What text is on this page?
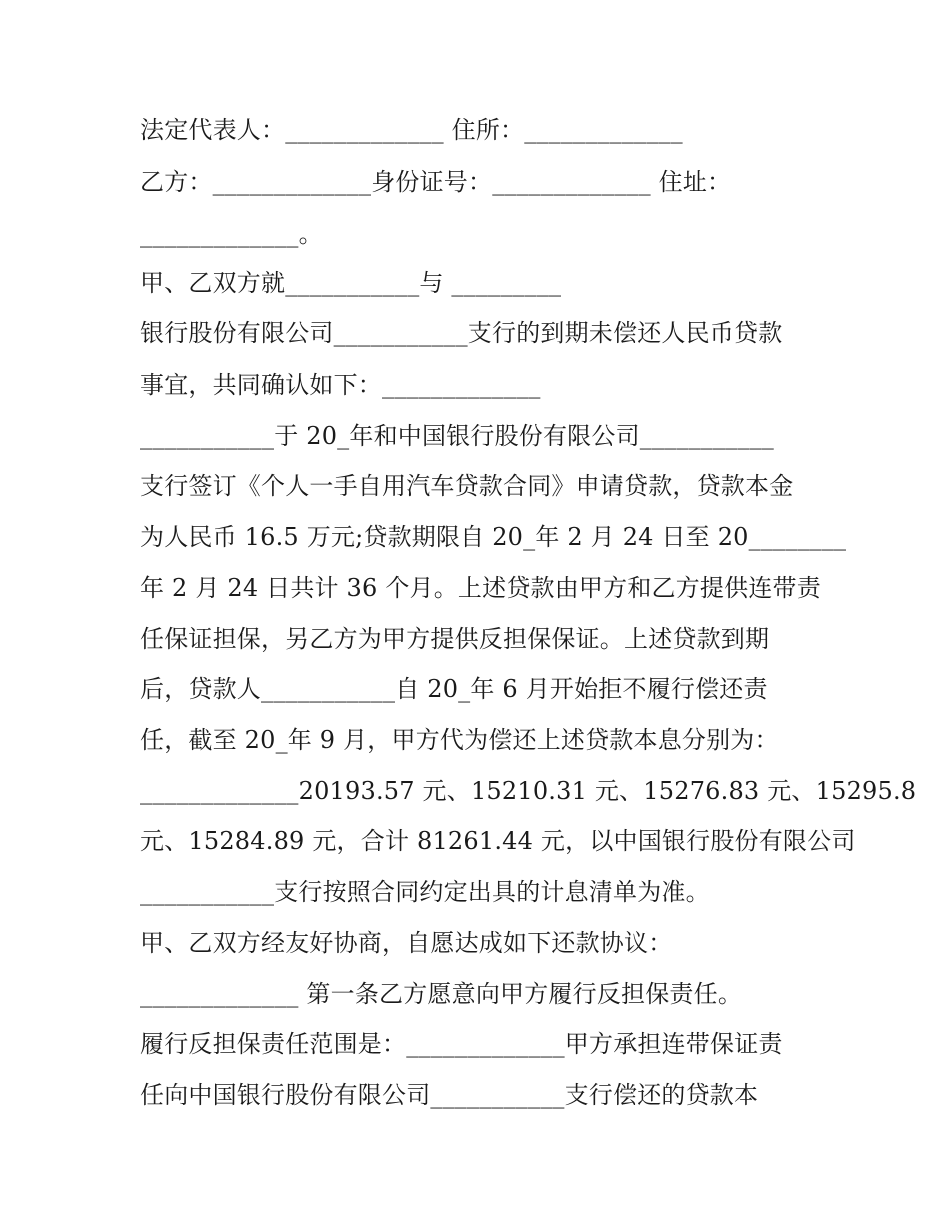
法定代表人：_____________ 住所：_____________
乙方：_____________身份证号：_____________ 住址：
_____________。
甲、乙双方就___________与 _________
银行股份有限公司___________支行的到期未偿还人民币贷款
事宜，共同确认如下：_____________
___________于 20_年和中国银行股份有限公司___________
支行签订《个人一手自用汽车贷款合同》申请贷款，贷款本金
为人民币 16.5 万元;贷款期限自 20_年 2 月 24 日至 20________
年 2 月 24 日共计 36 个月。上述贷款由甲方和乙方提供连带责
任保证担保，另乙方为甲方提供反担保保证。上述贷款到期
后，贷款人___________自 20_年 6 月开始拒不履行偿还责
任，截至 20_年 9 月，甲方代为偿还上述贷款本息分别为：
_____________20193.57 元、15210.31 元、15276.83 元、15295.8
元、15284.89 元，合计 81261.44 元，以中国银行股份有限公司
___________支行按照合同约定出具的计息清单为准。
甲、乙双方经友好协商，自愿达成如下还款协议：
_____________ 第一条乙方愿意向甲方履行反担保责任。
履行反担保责任范围是：_____________甲方承担连带保证责
任向中国银行股份有限公司___________支行偿还的贷款本
